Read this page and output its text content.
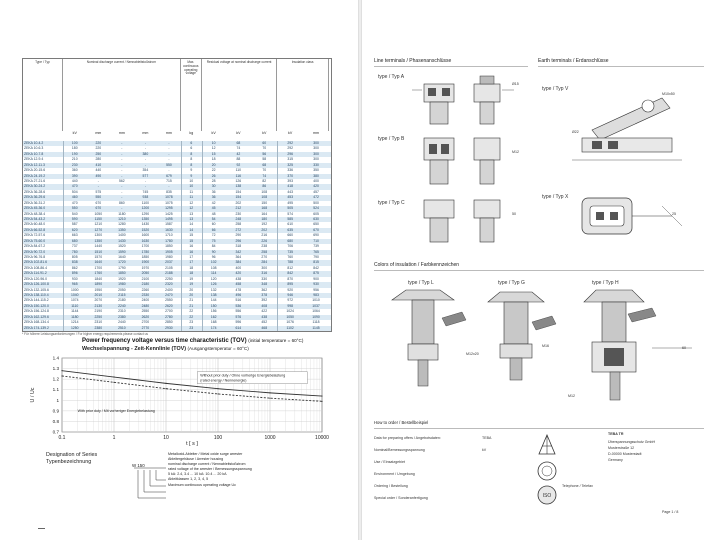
Type / Typ	Nominal discharge current / Nennableitstoßstrom	Max. continuous operating voltage
Residual voltage at nominal discharge current	Insulation class
kV	mm	mm	mm	mm	kg	kV	kV	kV	kV	mm
ZEKA 10-4.2	100	220	-	-	-	6	10	68	60	292	300
ZEKA 10-6.3	180	220	-	-	-	6	12	74	70	292	300
ZEKA 10-7.8	190	250	-	380	-	8	15	42	56	296	300
ZEKA 12-9.4	210	280	-	-	-	8	18	88	58	315	300
ZEKA 12-11.3	230	410	-	-	550	8	20	92	68	325	330
ZEKA 20-15.6	360	440	-	354	-	9	22	110	70	336	350
ZEKA 24-19.2	390	490	-	577	679	9	26	116	74	370	380
ZEKA 27-21.6	440	-	562	-	715	10	28	126	82	393	400
ZEKA 30-24.2	470	-	-	-	-	10	30	138	86	418	420
ZEKA 36-28.6	504	575	-	745	835	11	36	154	108	443	457
ZEKA 36-29.6	460	550	-	938	1078	11	36	154	108	453	472
ZEKA 36-31.2	470	670	860	1100	1075	12	42	202	150	495	500
ZEKA 45-36.0	550	670	-	1200	1295	12	45	212	168	505	524
ZEKA 48-38.4	540	1050	1180	1290	1425	13	48	230	164	574	605
ZEKA 54-43.2	590	1150	1210	1350	1495	13	54	248	180	585	630
ZEKA 60-48.0	587	1210	1280	1430	1587	14	60	258	192	610	650
ZEKA 66-52.8	620	1270	1350	1520	1630	14	66	272	202	635	670
ZEKA 72-57.6	663	1300	1400	1600	1710	15	72	290	216	660	690
ZEKA 75-60.0	680	1350	1430	1630	1780	15	75	296	226	680	710
ZEKA 84-67.2	737	1440	1520	1700	1850	16	84	318	238	706	739
ZEKA 90-72.0	780	1510	1590	1780	1905	16	90	342	258	735	765
ZEKA 96-76.8	805	1570	1640	1850	1980	17	96	364	270	760	790
ZEKA 102-81.6	838	1640	1720	1900	2037	17	102	384	284	788	815
ZEKA 108-86.4	862	1700	1790	1970	2105	18	108	400	300	812	842
ZEKA 114-91.2	896	1760	1850	2050	2188	18	114	420	316	842	875
ZEKA 120-96.0	930	1840	1920	2100	2250	19	120	438	330	870	900
ZEKA 126-100.8	965	1890	1980	2180	2320	19	126	458	348	895	930
ZEKA 132-105.6	1000	1950	2050	2260	2400	20	132	478	362	920	956
ZEKA 138-110.4	1040	2010	2115	2330	2470	20	138	496	378	946	983
ZEKA 144-115.2	1074	2070	2180	2400	2550	21	144	516	392	972	1010
ZEKA 150-120.0	1110	2130	2240	2480	2620	21	150	536	408	998	1037
ZEKA 156-124.8	1144	2190	2310	2550	2700	22	156	556	422	1024	1064
ZEKA 162-129.6	1180	2250	2380	2620	2780	22	162	576	438	1050	1090
ZEKA 168-134.4	1214	2310	2440	2700	2850	23	168	596	452	1076	1118
ZEKA 174-139.2	1250	2380	2510	2770	2930	23	174	614	468	1102	1145
* Für höhere Leistungsanforderungen / For higher energy requirements please contact us
Power frequency voltage versus time characteristic (TOV) (initial temperature = 60°C)
Wechselspannung - Zeit-Kennlinie (TOV) (Ausgangstemperatur = 60°C)
0.7
0.8
0.9
1
1.1
1.2
1.3
1.4
0.1	1	10	100	1000	10000
Without prior duty / Ohne vorherige Energiebelastung
(rated energy / Nennenergie)
With prior duty / Mit vorheriger Energiebelastung
U / Uc
t [ s ]
Designation of Series
Typenbezeichnung
W 150
Metalloxid-Ableiter / Metal oxide surge arrester
Ableitergehäuse / Arrester housing
nominal discharge current / Nennableitstoßstrom
rated voltage of the arrester / Bemessungsspannung
5 kA: 2.4, 3.4 ... 10 kA: 10.4 ... 20 kA
Ableitklassen 1, 2, 3, 4, 5
Maximum continuous operating voltage Uc
Line terminals / Phasenanschlüsse	Earth terminals / Erdanschlüsse
type / Typ A
Ø15
type / Typ B
M12
type / Typ C
50
type / Typ V
M10x50
Ø22
type / Typ X
25
Colors of insulation / Farbkennzeichen
type / Typ L	type / Typ G	type / Typ H
M12x20
M16
M12
60
How to order / Bestellbeispiel
Data for preparing offers / Angebotsdaten:	TEBA
Nominal/Bemessungsspannung	kV
Use / Einsatzgebiet
Environment / Umgebung
Ordering / Bestellung
Special order / Sonderanfertigung	ISO
TEBA TR
Überspannungsschutz GmbH
Musterstraße 12
D-00000 Musterstadt
Germany
Telephone / Telefax
Page 1 / 8
